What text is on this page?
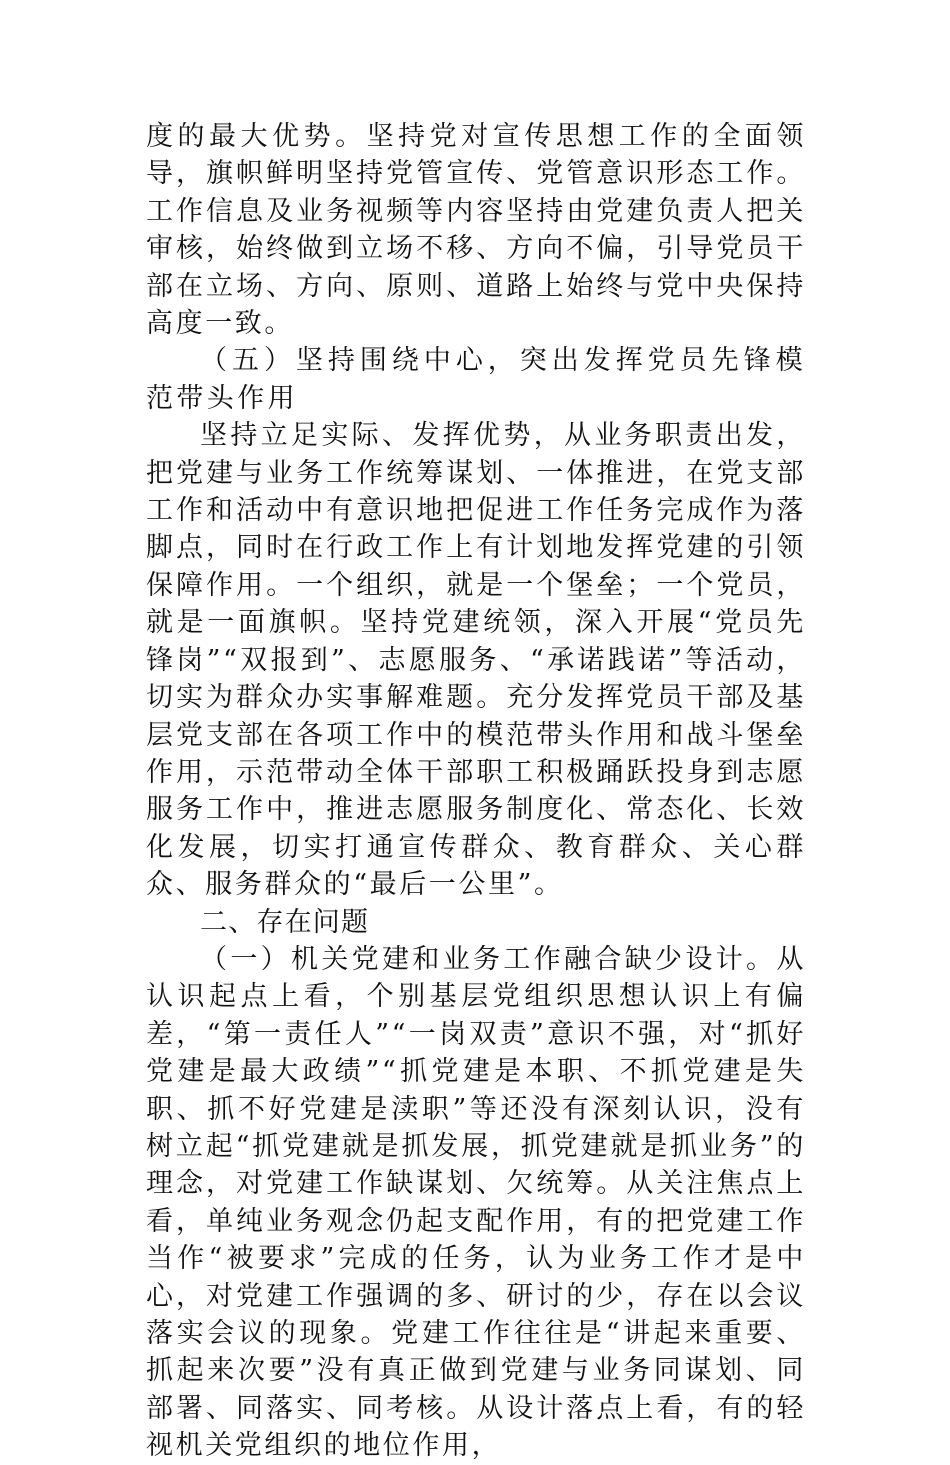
度的最大优势。坚持党对宣传思想工作的全面领导，旗帜鲜明坚持党管宣传、党管意识形态工作。工作信息及业务视频等内容坚持由党建负责人把关审核，始终做到立场不移、方向不偏，引导党员干部在立场、方向、原则、道路上始终与党中央保持高度一致。

（五）坚持围绕中心，突出发挥党员先锋模范带头作用

坚持立足实际、发挥优势，从业务职责出发，把党建与业务工作统筹谋划、一体推进，在党支部工作和活动中有意识地把促进工作任务完成作为落脚点，同时在行政工作上有计划地发挥党建的引领保障作用。一个组织，就是一个堡垒；一个党员，就是一面旗帜。坚持党建统领，深入开展“党员先锋岗”“双报到”、志愿服务、“承诺践诺”等活动，切实为群众办实事解难题。充分发挥党员干部及基层党支部在各项工作中的模范带头作用和战斗堡垒作用，示范带动全体干部职工积极踊跃投身到志愿服务工作中，推进志愿服务制度化、常态化、长效化发展，切实打通宣传群众、教育群众、关心群众、服务群众的“最后一公里”。

二、存在问题

（一）机关党建和业务工作融合缺少设计。从认识起点上看，个别基层党组织思想认识上有偏差，“第一责任人”“一岗双责”意识不强，对“抓好党建是最大政绩”“抓党建是本职、不抓党建是失职、抓不好党建是渎职”等还没有深刻认识，没有树立起“抓党建就是抓发展，抓党建就是抓业务”的理念，对党建工作缺谋划、欠统筹。从关注焦点上看，单纯业务观念仍起支配作用，有的把党建工作当作“被要求”完成的任务，认为业务工作才是中心，对党建工作强调的多、研讨的少，存在以会议落实会议的现象。党建工作往往是“讲起来重要、抓起来次要”没有真正做到党建与业务同谋划、同部署、同落实、同考核。从设计落点上看，有的轻视机关党组织的地位作用，
